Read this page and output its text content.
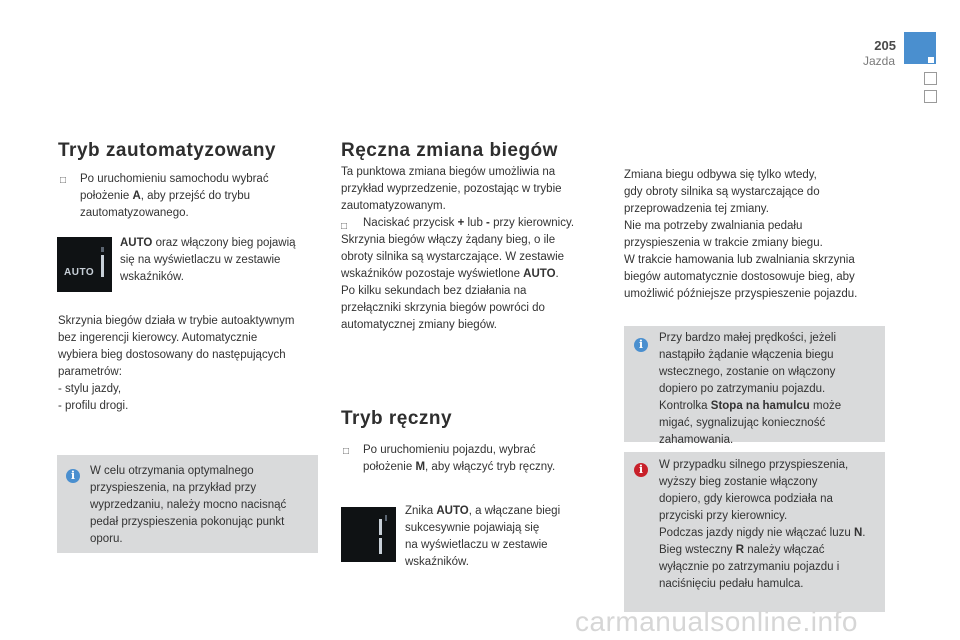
205
Jazda
Tryb zautomatyzowany
□ Po uruchomieniu samochodu wybrać

położenie A, aby przejść do trybu

zautomatyzowanego.

AUTO

AUTO oraz włączony bieg pojawią

się na wyświetlaczu w zestawie

wskaźników.

Skrzynia biegów działa w trybie autoaktywnym

bez ingerencji kierowcy. Automatycznie

wybiera bieg dostosowany do następujących

parametrów:

- stylu jazdy,

- profilu drogi.

i	W celu otrzymania optymalnego

przyspieszenia, na przykład przy

wyprzedzaniu, należy mocno nacisnąć

pedał przyspieszenia pokonując punkt

oporu.

Ręczna zmiana biegów

Ta punktowa zmiana biegów umożliwia na

przykład wyprzedzenie, pozostając w trybie

zautomatyzowanym.

□ Naciskać przycisk + lub - przy kierownicy.

Skrzynia biegów włączy żądany bieg, o ile

obroty silnika są wystarczające. W zestawie

wskaźników pozostaje wyświetlone AUTO.

Po kilku sekundach bez działania na

przełączniki skrzynia biegów powróci do

automatycznej zmiany biegów.

Tryb ręczny
□ Po uruchomieniu pojazdu, wybrać

położenie M, aby włączyć tryb ręczny.

Znika AUTO, a włączane biegi

sukcesywnie pojawiają się

na wyświetlaczu w zestawie

wskaźników.

Zmiana biegu odbywa się tylko wtedy,

gdy obroty silnika są wystarczające do

przeprowadzenia tej zmiany.

Nie ma potrzeby zwalniania pedału

przyspieszenia w trakcie zmiany biegu.

W trakcie hamowania lub zwalniania skrzynia

biegów automatycznie dostosowuje bieg, aby

umożliwić późniejsze przyspieszenie pojazdu.

i	Przy bardzo małej prędkości, jeżeli

nastąpiło żądanie włączenia biegu

wstecznego, zostanie on włączony

dopiero po zatrzymaniu pojazdu.

Kontrolka Stopa na hamulcu może

migać, sygnalizując konieczność

zahamowania.

i	W przypadku silnego przyspieszenia,

wyższy bieg zostanie włączony

dopiero, gdy kierowca podziała na

przyciski przy kierownicy.

Podczas jazdy nigdy nie włączać luzu N.

Bieg wsteczny R należy włączać

wyłącznie po zatrzymaniu pojazdu i

naciśnięciu pedału hamulca.

carmanualsonline.info
